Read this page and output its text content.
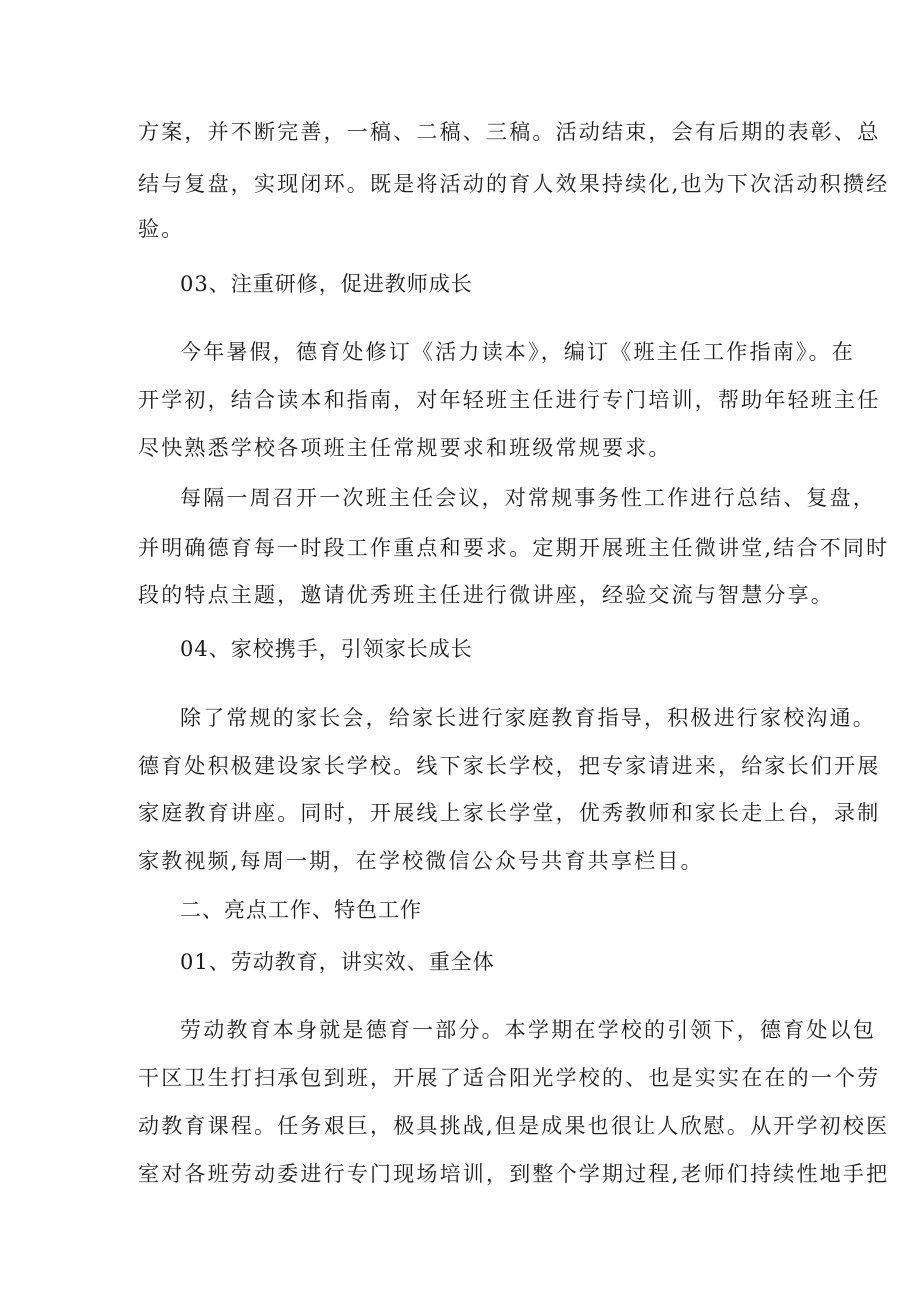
方案，并不断完善，一稿、二稿、三稿。活动结束，会有后期的表彰、总
结与复盘，实现闭环。既是将活动的育人效果持续化,也为下次活动积攒经
验。
03、注重研修，促进教师成长
今年暑假，德育处修订《活力读本》，编订《班主任工作指南》。在
开学初，结合读本和指南，对年轻班主任进行专门培训，帮助年轻班主任
尽快熟悉学校各项班主任常规要求和班级常规要求。
每隔一周召开一次班主任会议，对常规事务性工作进行总结、复盘，
并明确德育每一时段工作重点和要求。定期开展班主任微讲堂,结合不同时
段的特点主题，邀请优秀班主任进行微讲座，经验交流与智慧分享。
04、家校携手，引领家长成长
除了常规的家长会，给家长进行家庭教育指导，积极进行家校沟通。
德育处积极建设家长学校。线下家长学校，把专家请进来，给家长们开展
家庭教育讲座。同时，开展线上家长学堂，优秀教师和家长走上台，录制
家教视频,每周一期，在学校微信公众号共育共享栏目。
二、亮点工作、特色工作
01、劳动教育，讲实效、重全体
劳动教育本身就是德育一部分。本学期在学校的引领下，德育处以包
干区卫生打扫承包到班，开展了适合阳光学校的、也是实实在在的一个劳
动教育课程。任务艰巨，极具挑战,但是成果也很让人欣慰。从开学初校医
室对各班劳动委进行专门现场培训，到整个学期过程,老师们持续性地手把
